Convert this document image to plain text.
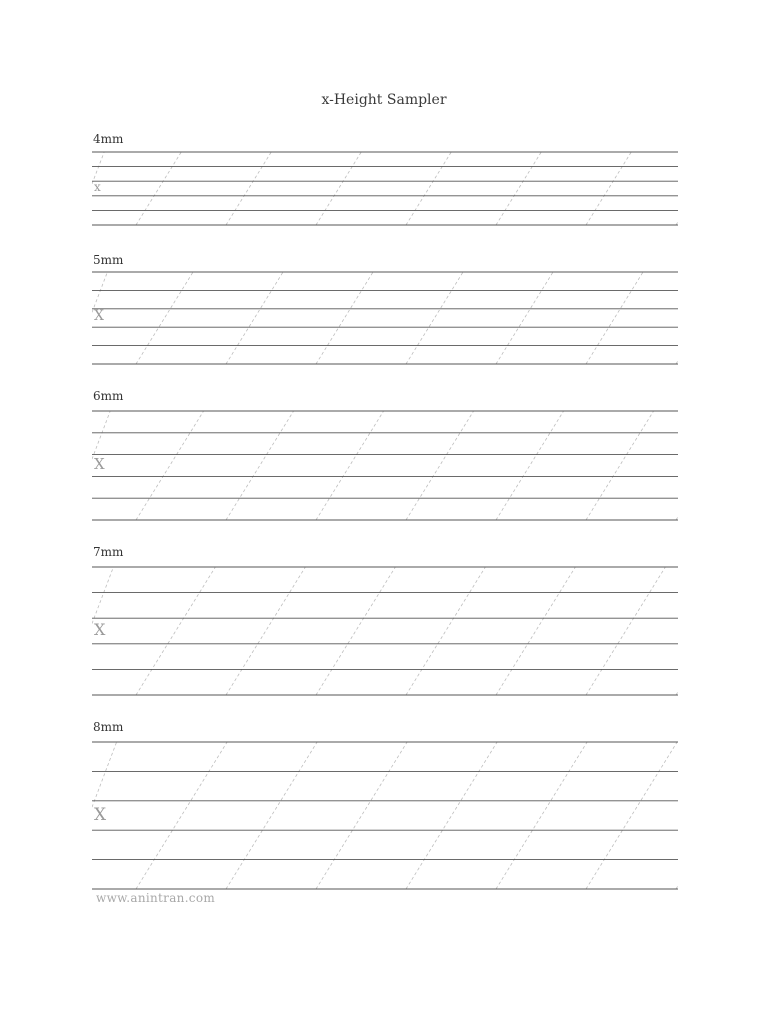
x-Height Sampler
4mm
x
5mm
X
6mm
X
7mm
X
8mm
X
www.anintran.com
